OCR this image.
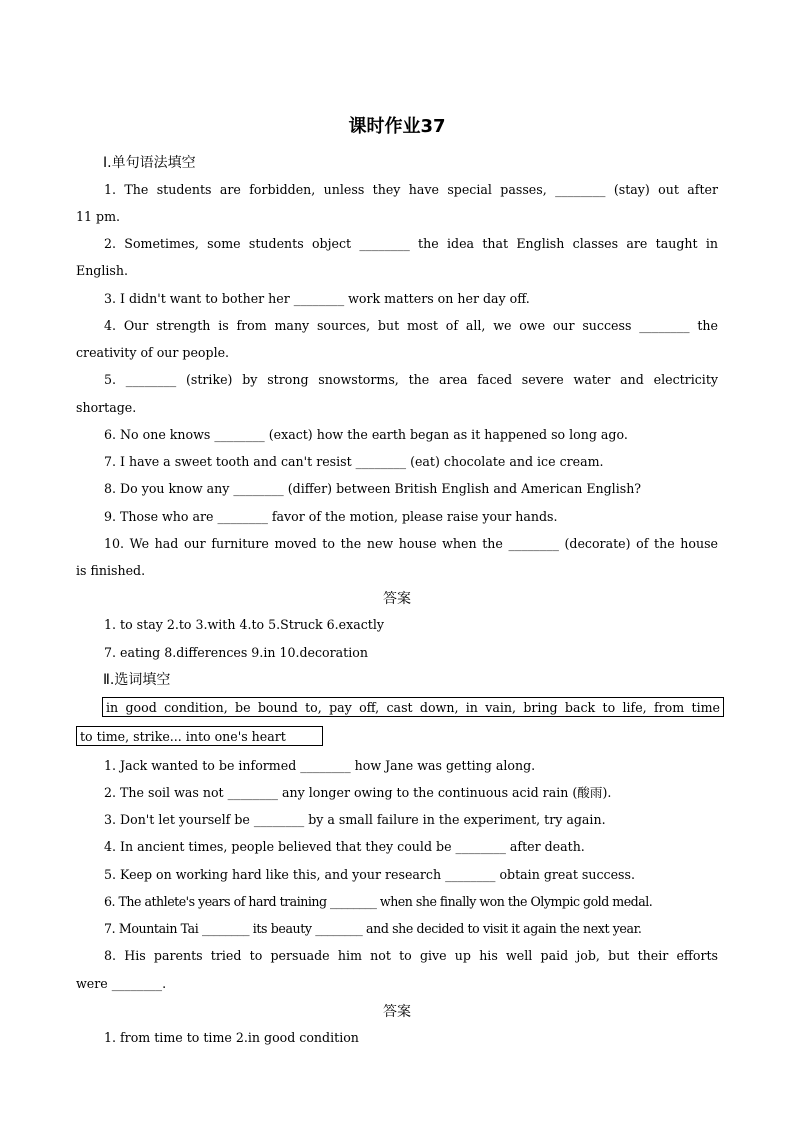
课时作业37
Ⅰ.单句语法填空
1. The students are forbidden, unless they have special passes, ________ (stay) out after
11 pm.
2. Sometimes, some students object ________ the idea that English classes are taught in
English.
3. I didn't want to bother her ________ work matters on her day off.
4. Our strength is from many sources, but most of all, we owe our success ________ the
creativity of our people.
5. ________ (strike) by strong snowstorms, the area faced severe water and electricity
shortage.
6. No one knows ________ (exact) how the earth began as it happened so long ago.
7. I have a sweet tooth and can't resist ________ (eat) chocolate and ice cream.
8. Do you know any ________ (differ) between British English and American English?
9. Those who are ________ favor of the motion, please raise your hands.
10. We had our furniture moved to the new house when the ________ (decorate) of the house
is finished.
答案
1. to stay 2.to 3.with 4.to 5.Struck 6.exactly
7. eating 8.differences 9.in 10.decoration
Ⅱ.选词填空
in good condition, be bound to, pay off, cast down, in vain, bring back to life, from time
to time, strike... into one's heart
1. Jack wanted to be informed ________ how Jane was getting along.
2. The soil was not ________ any longer owing to the continuous acid rain (酸雨).
3. Don't let yourself be ________ by a small failure in the experiment, try again.
4. In ancient times, people believed that they could be ________ after death.
5. Keep on working hard like this, and your research ________ obtain great success.
6. The athlete's years of hard training ________ when she finally won the Olympic gold medal.
7. Mountain Tai ________ its beauty ________ and she decided to visit it again the next year.
8. His parents tried to persuade him not to give up his well paid job, but their efforts
were ________.
答案
1. from time to time 2.in good condition
